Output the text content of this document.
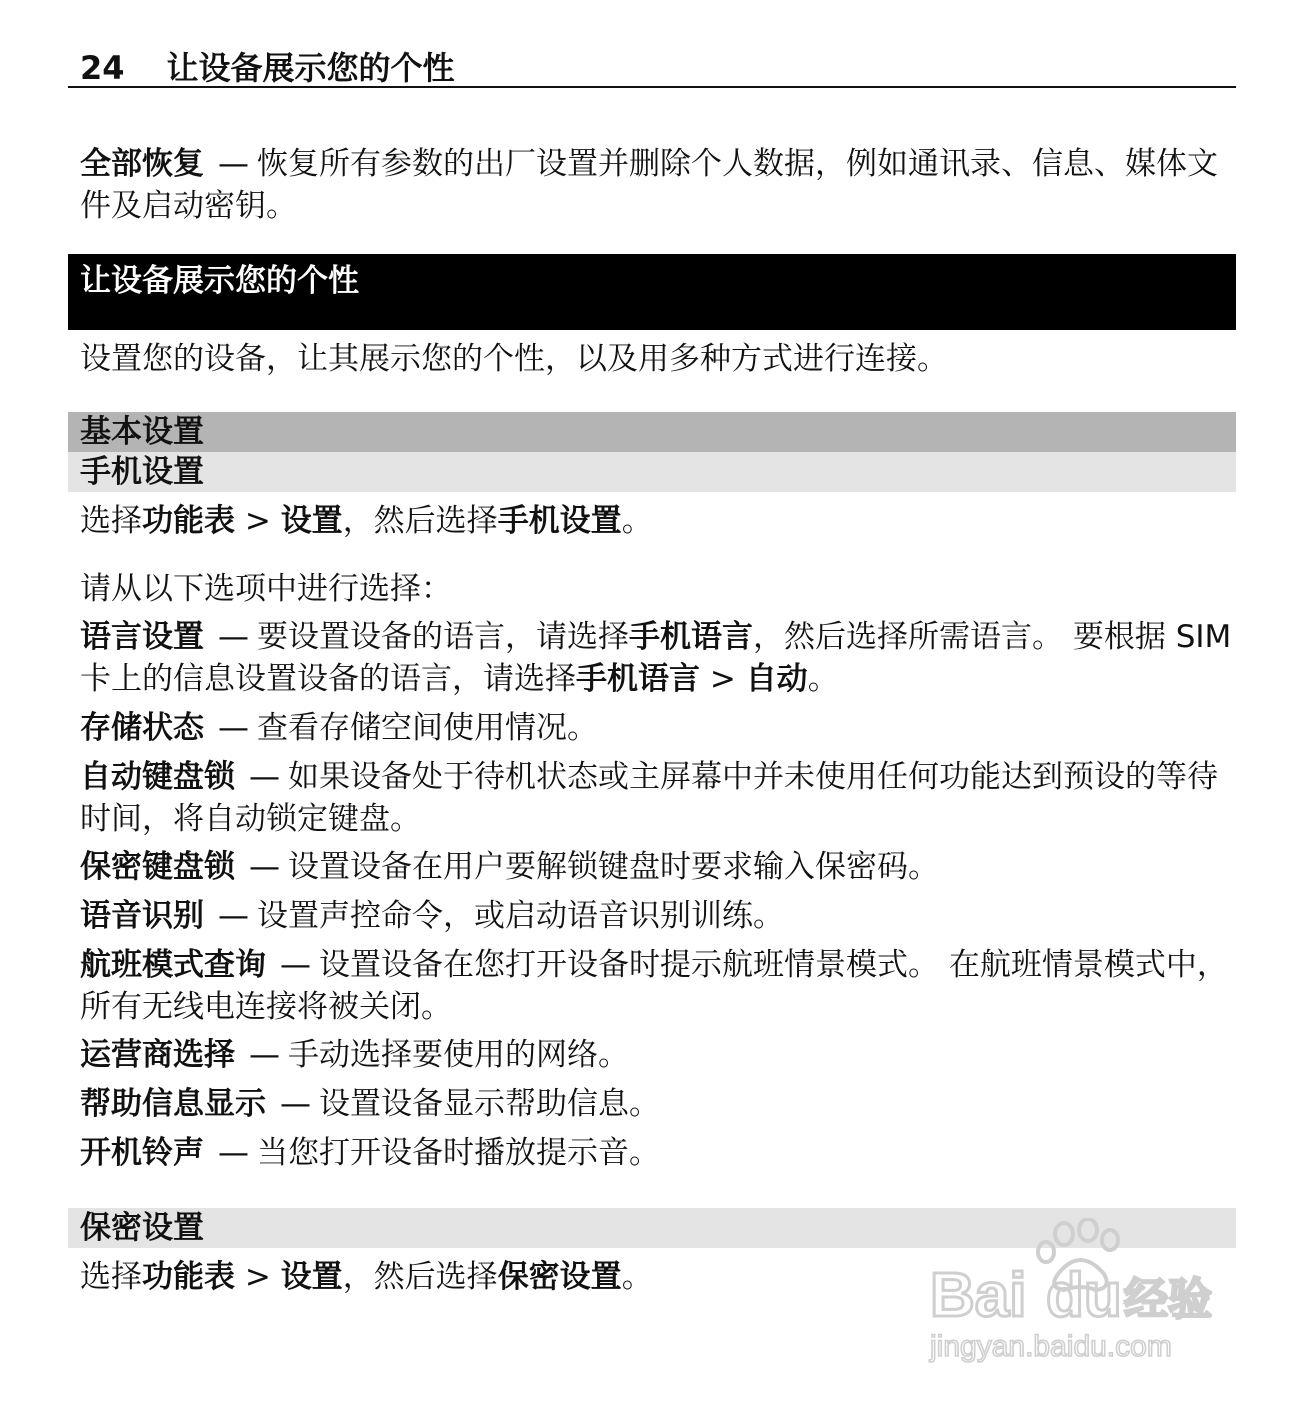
24 让设备展示您的个性

全部恢复 — 恢复所有参数的出厂设置并删除个人数据，例如通讯录、信息、媒体文件及启动密钥。

让设备展示您的个性

设置您的设备，让其展示您的个性，以及用多种方式进行连接。

基本设置
手机设置

选择功能表 > 设置，然后选择手机设置。

请从以下选项中进行选择：

语言设置 — 要设置设备的语言，请选择手机语言，然后选择所需语言。 要根据 SIM 卡上的信息设置设备的语言，请选择手机语言 > 自动。

存储状态 — 查看存储空间使用情况。

自动键盘锁 — 如果设备处于待机状态或主屏幕中并未使用任何功能达到预设的等待时间，将自动锁定键盘。

保密键盘锁 — 设置设备在用户要解锁键盘时要求输入保密码。

语音识别 — 设置声控命令，或启动语音识别训练。

航班模式查询 — 设置设备在您打开设备时提示航班情景模式。 在航班情景模式中，所有无线电连接将被关闭。

运营商选择 — 手动选择要使用的网络。

帮助信息显示 — 设置设备显示帮助信息。

开机铃声 — 当您打开设备时播放提示音。

保密设置

选择功能表 > 设置，然后选择保密设置。	Bai du 经验
jingyan.baidu.com
